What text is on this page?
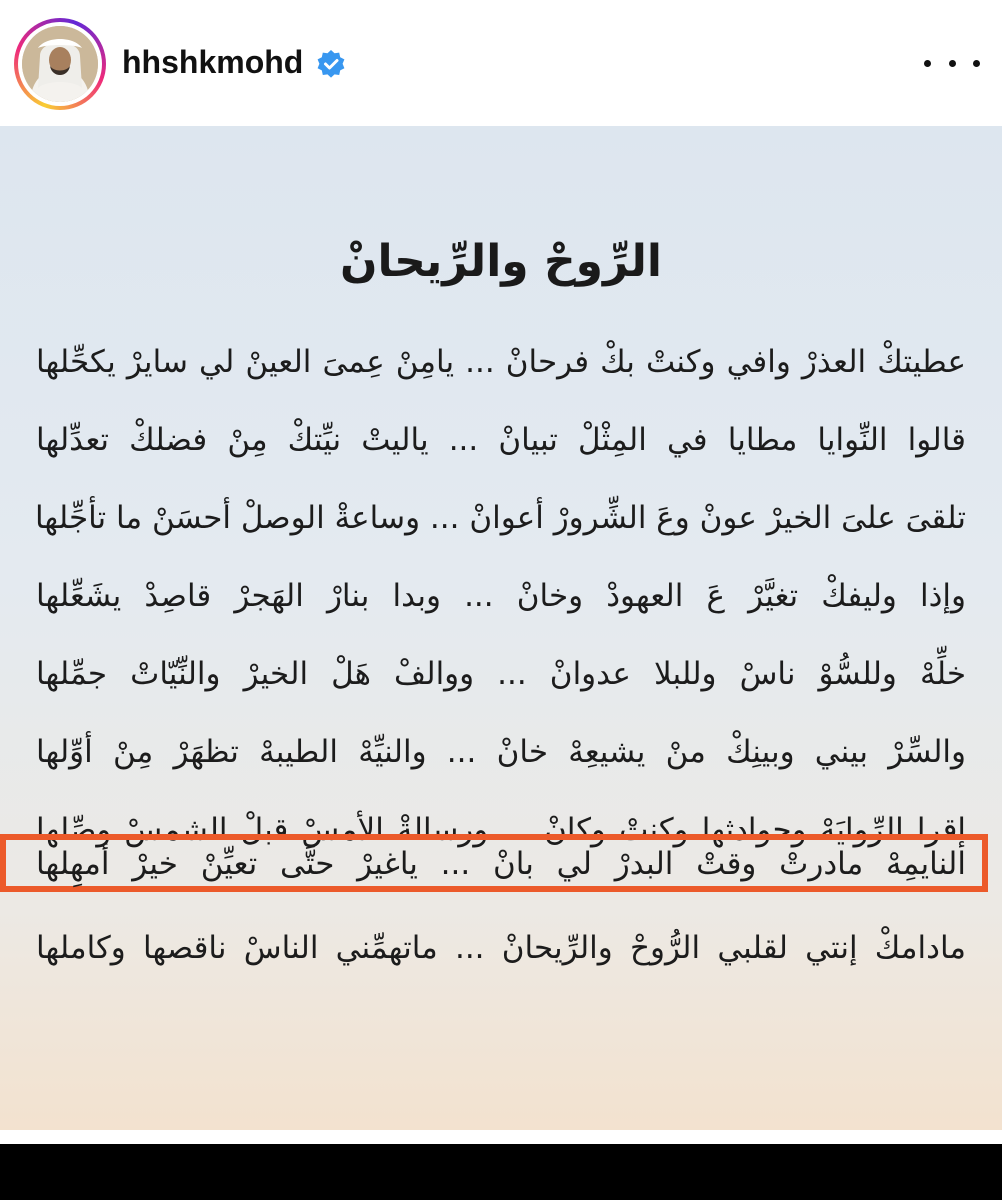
hhshkmohd
الرِّوحْ والرِّيحانْ
عطيتكْ العذرْ وافي وكنتْ بكْ فرحانْ ... يامِنْ عِمىَ العينْ لي سايرْ يكحِّلها
قالوا النِّوايا مطايا في المِثْلْ تبيانْ ... ياليتْ نيِّتكْ مِنْ فضلكْ تعدِّلها
تلقىَ علىَ الخيرْ عونْ وعَ الشِّرورْ أعوانْ ... وساعةْ الوصلْ أحسَنْ ما تأجِّلها
وإذا وليفكْ تغيَّرْ عَ العهودْ وخانْ ... وبدا بنارْ الهَجرْ قاصِدْ يشَعِّلها
خلِّهْ وللسُّوْ ناسْ وللبلا عدوانْ ... ووالفْ هَلْ الخيرْ والنِّيّاتْ جمِّلها
والسِّرْ بيني وبينِكْ منْ يشيعِهْ خانْ ... والنيِّهْ الطيبهْ تظهَرْ مِنْ أوِّلها
إقرا الرِّوايَهْ وحوادثها وكنتْ وكانْ ... ورسالةْ الأمسْ قبلْ الشمسْ وصِّلها
النايمِهْ مادرتْ وقتْ البدرْ لي بانْ ... ياغيرْ حتَّى تعيِّنْ خيرْ أمهِلها
مادامكْ إنتي لقلبي الرُّوحْ والرِّيحانْ ... ماتهمِّني الناسْ ناقصها وكاملها
